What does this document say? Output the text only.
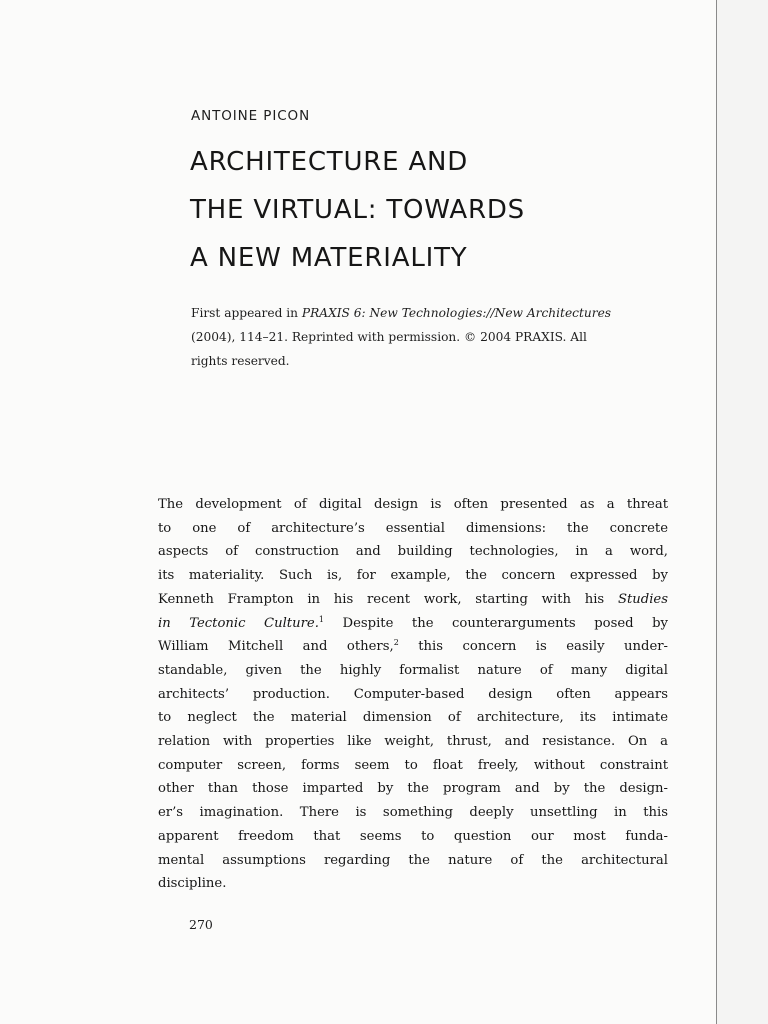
ANTOINE PICON
ARCHITECTURE AND
THE VIRTUAL: TOWARDS
A NEW MATERIALITY
First appeared in PRAXIS 6: New Technologies://New Architectures
(2004), 114–21. Reprinted with permission. © 2004 PRAXIS. All
rights reserved.
The development of digital design is often presented as a threat
to one of architecture’s essential dimensions: the concrete
aspects of construction and building technologies, in a word,
its materiality. Such is, for example, the concern expressed by
Kenneth Frampton in his recent work, starting with his Studies
in Tectonic Culture.$^1$ Despite the counterarguments posed by
William Mitchell and others,$^2$ this concern is easily under-
standable, given the highly formalist nature of many digital
architects’ production. Computer-based design often appears
to neglect the material dimension of architecture, its intimate
relation with properties like weight, thrust, and resistance. On a
computer screen, forms seem to float freely, without constraint
other than those imparted by the program and by the design-
er’s imagination. There is something deeply unsettling in this
apparent freedom that seems to question our most funda-
mental assumptions regarding the nature of the architectural
discipline.
270
